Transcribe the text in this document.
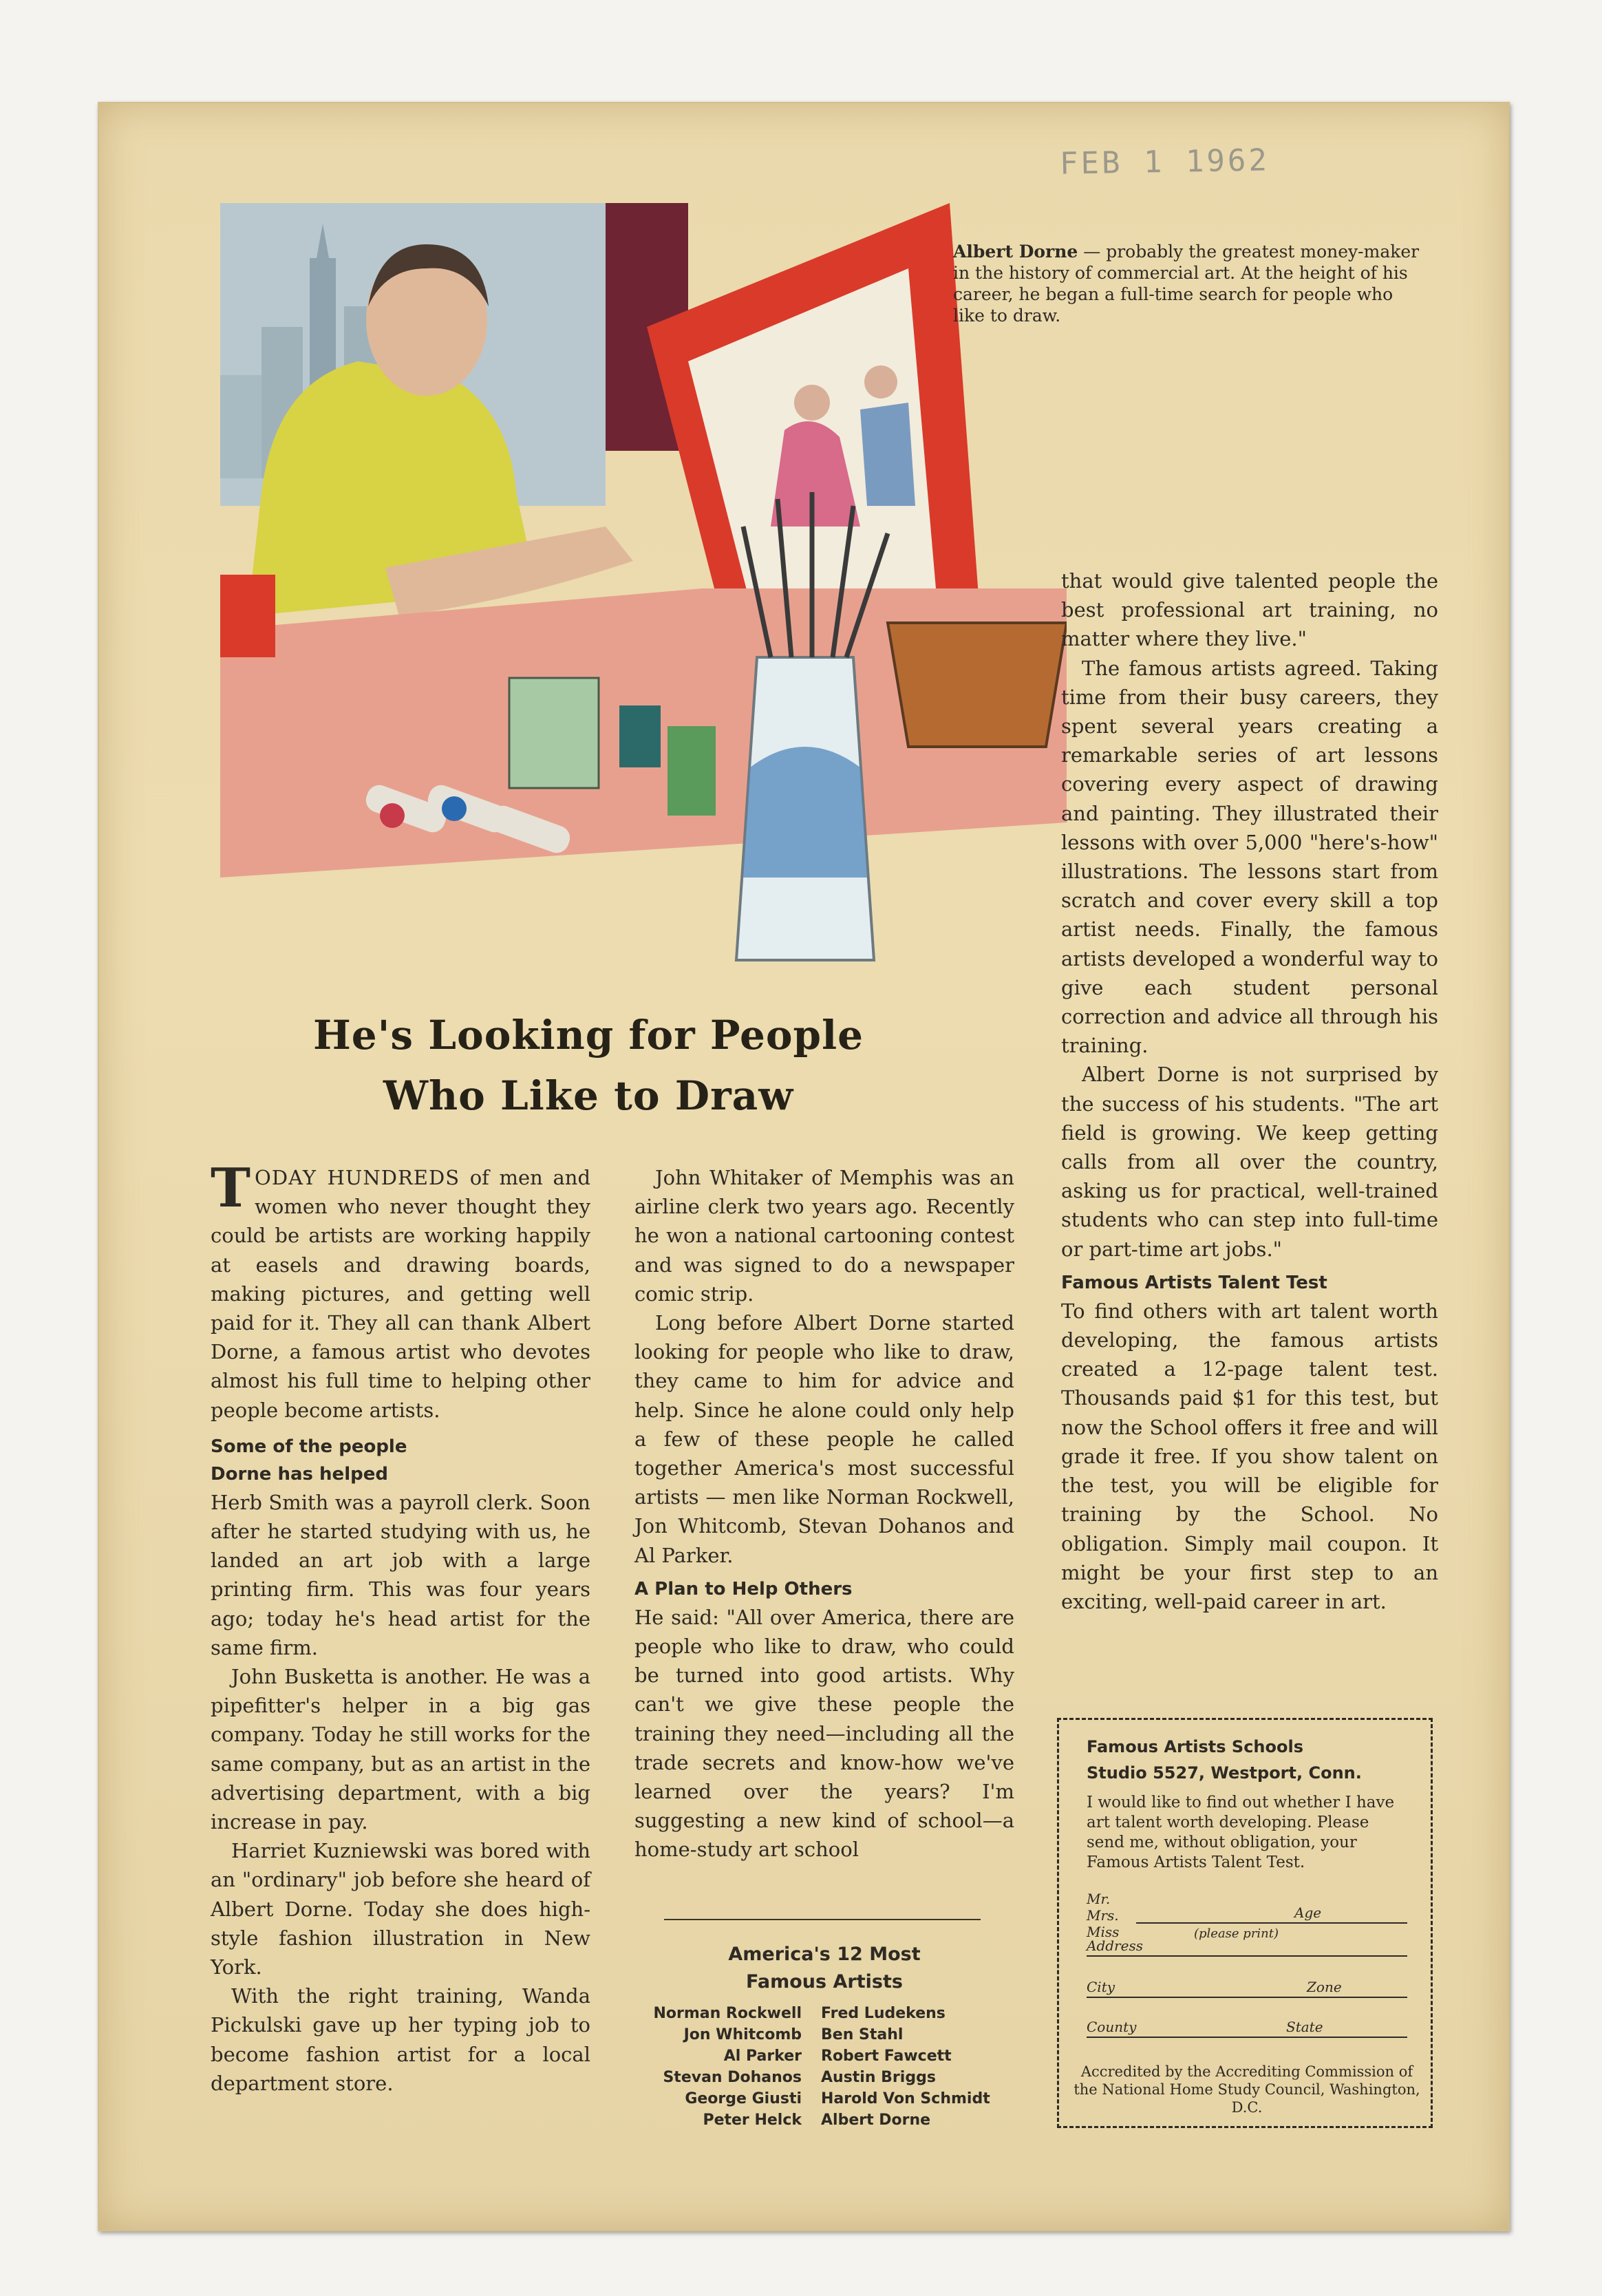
FEB 1 1962
Albert Dorne — probably the greatest money-maker in the history of commercial art. At the height of his career, he began a full-time search for people who like to draw.
He's Looking for People
Who Like to Draw

TODAY HUNDREDS of men and women who never thought they could be artists are working happily at easels and drawing boards, making pictures, and getting well paid for it. They all can thank Albert Dorne, a famous artist who devotes almost his full time to helping other people become artists.

Some of the people

Dorne has helped

Herb Smith was a payroll clerk. Soon after he started studying with us, he landed an art job with a large printing firm. This was four years ago; today he's head artist for the same firm.

John Busketta is another. He was a pipefitter's helper in a big gas company. Today he still works for the same company, but as an artist in the advertising department, with a big increase in pay.

Harriet Kuzniewski was bored with an "ordinary" job before she heard of Albert Dorne. Today she does high-style fashion illustration in New York.

With the right training, Wanda Pickulski gave up her typing job to become fashion artist for a local department store.

John Whitaker of Memphis was an airline clerk two years ago. Recently he won a national cartooning contest and was signed to do a newspaper comic strip.

Long before Albert Dorne started looking for people who like to draw, they came to him for advice and help. Since he alone could only help a few of these people he called together America's most successful artists — men like Norman Rockwell, Jon Whitcomb, Stevan Dohanos and Al Parker.

A Plan to Help Others

He said: "All over America, there are people who like to draw, who could be turned into good artists. Why can't we give these people the training they need—including all the trade secrets and know-how we've learned over the years? I'm suggesting a new kind of school—a home-study art school

America's 12 Most
Famous Artists
Norman Rockwell
Jon Whitcomb
Al Parker
Stevan Dohanos
George Giusti
Peter Helck
Fred Ludekens
Ben Stahl
Robert Fawcett
Austin Briggs
Harold Von Schmidt
Albert Dorne

that would give talented people the best professional art training, no matter where they live."

The famous artists agreed. Taking time from their busy careers, they spent several years creating a remarkable series of art lessons covering every aspect of drawing and painting. They illustrated their lessons with over 5,000 "here's-how" illustrations. The lessons start from scratch and cover every skill a top artist needs. Finally, the famous artists developed a wonderful way to give each student personal correction and advice all through his training.

Albert Dorne is not surprised by the success of his students. "The art field is growing. We keep getting calls from all over the country, asking us for practical, well-trained students who can step into full-time or part-time art jobs."

Famous Artists Talent Test

To find others with art talent worth developing, the famous artists created a 12-page talent test. Thousands paid $1 for this test, but now the School offers it free and will grade it free. If you show talent on the test, you will be eligible for training by the School. No obligation. Simply mail coupon. It might be your first step to an exciting, well-paid career in art.

Famous Artists Schools
Studio 5527, Westport, Conn.
I would like to find out whether I have art talent worth developing. Please send me, without obligation, your Famous Artists Talent Test.
Mr.
Mrs.
Miss
Age
(please print)
Address
City	Zone
County	State
Accredited by the Accrediting Commission of the National Home Study Council, Washington, D.C.
